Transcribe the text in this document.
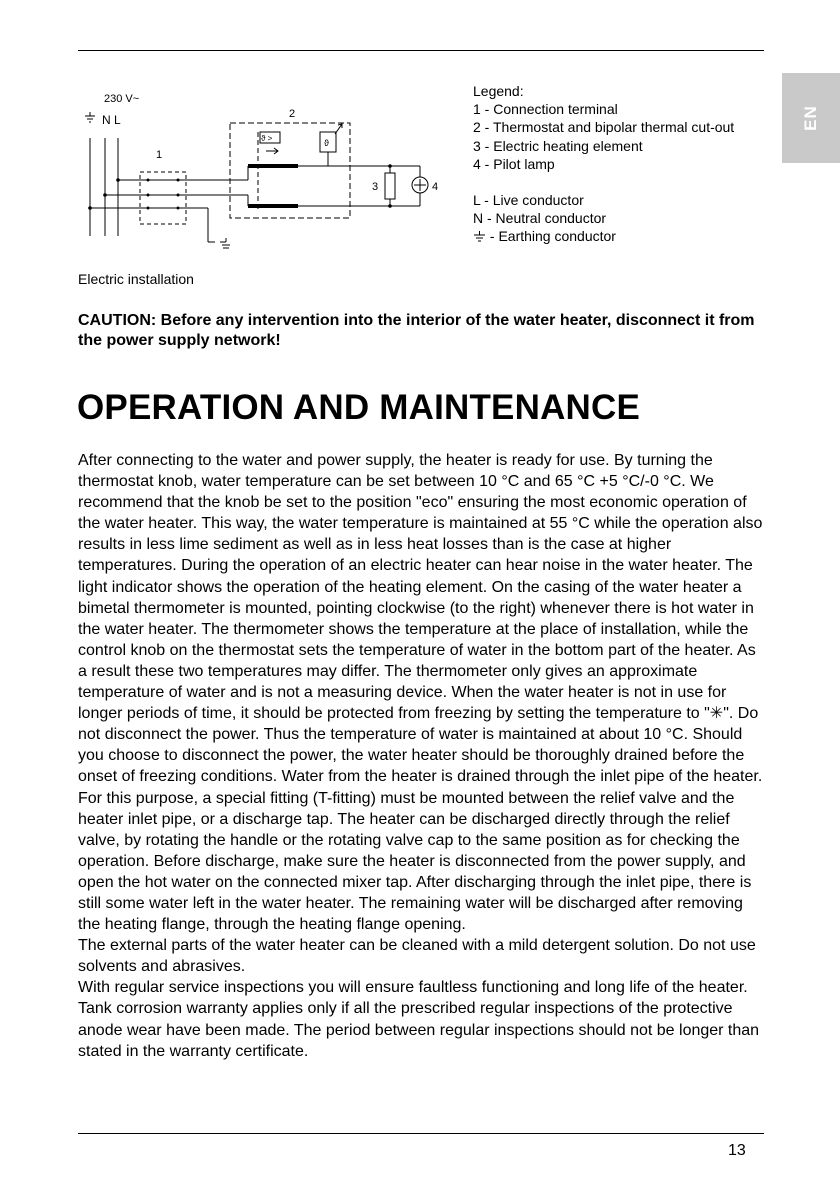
EN
230 V~
N L
1
2
3	4
ϑ >	ϑ
Legend:
1 - Connection terminal
2 - Thermostat and bipolar thermal cut-out
3 - Electric heating element
4 - Pilot lamp
L - Live conductor
N - Neutral conductor
- Earthing conductor
Electric installation
CAUTION: Before any intervention into the interior of the water heater, disconnect it from the power supply network!
OPERATION AND MAINTENANCE

After connecting to the water and power supply, the heater is ready for use. By turning the thermostat knob, water temperature can be set between 10 °C and 65 °C +5 °C/-0 °C. We recommend that the knob be set to the position "eco" ensuring the most economic operation of the water heater. This way, the water temperature is maintained at 55 °C while the operation also results in less lime sediment as well as in less heat losses than is the case at higher temperatures. During the operation of an electric heater can hear noise in the water heater. The light indicator shows the operation of the heating element. On the casing of the water heater a bimetal thermometer is mounted, pointing clockwise (to the right) whenever there is hot water in the water heater. The thermometer shows the temperature at the place of installation, while the control knob on the thermostat sets the temperature of water in the bottom part of the heater. As a result these two temperatures may differ. The thermometer only gives an approximate temperature of water and is not a measuring device. When the water heater is not in use for longer periods of time, it should be protected from freezing by setting the temperature to "✳". Do not disconnect the power. Thus the temperature of water is maintained at about 10 °C. Should you choose to disconnect the power, the water heater should be thoroughly drained before the onset of freezing conditions. Water from the heater is drained through the inlet pipe of the heater. For this purpose, a special fitting (T-fitting) must be mounted between the relief valve and the heater inlet pipe, or a discharge tap. The heater can be discharged directly through the relief valve, by rotating the handle or the rotating valve cap to the same position as for checking the operation. Before discharge, make sure the heater is disconnected from the power supply, and open the hot water on the connected mixer tap. After discharging through the inlet pipe, there is still some water left in the water heater. The remaining water will be discharged after removing the heating flange, through the heating flange opening.

The external parts of the water heater can be cleaned with a mild detergent solution. Do not use solvents and abrasives.

With regular service inspections you will ensure faultless functioning and long life of the heater. Tank corrosion warranty applies only if all the prescribed regular inspections of the protective anode wear have been made. The period between regular inspections should not be longer than stated in the warranty certificate.

13
